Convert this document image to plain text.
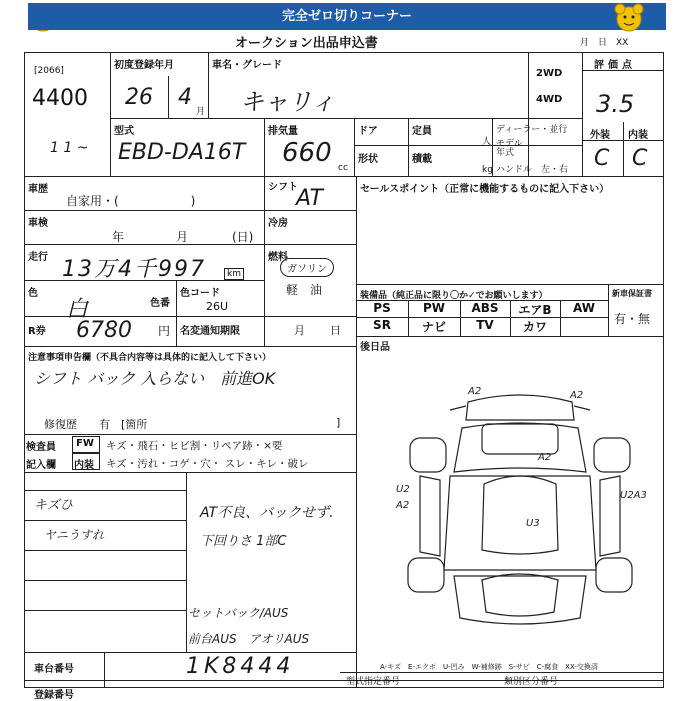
完全ゼロ切りコーナー
オークション出品申込書	月　日　XX
[2066]
4400
1 1 ~
初度登録年月
26 4
月
車名・グレード
キャリィ
2WD
4WD
評価点
3.5
外装 内装
C C
型式
EBD-DA16T
排気量
660 cc
ドア	定員
人
ディーラー・並行
モデル年式
形状	積載
kg ハンドル　左・右
車歴
自家用・(　　　　　　)
シフト
AT	セールスポイント（正常に機能するものに記入下さい）
車検
年	月	(日)
冷房
走行 13万4千997	km
燃料
ガソリン
軽　油
色
白	色番
色コード
26U
装備品（純正品に限り〇か✓でお願いします）	新車保証書
有・無
PS	PW	ABS	エアB	AW
SR	ナビ	TV	カワ
R券 6780 円 名変通知期限	月 日
後日品
注意事項申告欄（不具合内容等は具体的に記入して下さい）
シフト バック 入らない　前進OK
修復歴　　有　[箇所	]
検査員
記入欄
FW
内装
キズ・飛石・ヒビ割・リペア跡・×要
キズ・汚れ・コゲ・穴・ スレ・キレ・破レ
キズひ
ヤニうすれ
AT不良、バックせず.
下回りさ 1部C
セットバック/AUS
前台AUS　アオリAUS
A2	A2
A2
U2
A2
U2A3
U3
A-キズ　E-エクボ　U-凹み　W-補修跡　S-サビ　C-腐食　XX-交換済
車台番号	1K8444
登録番号
型式指定番号	類別区分番号
